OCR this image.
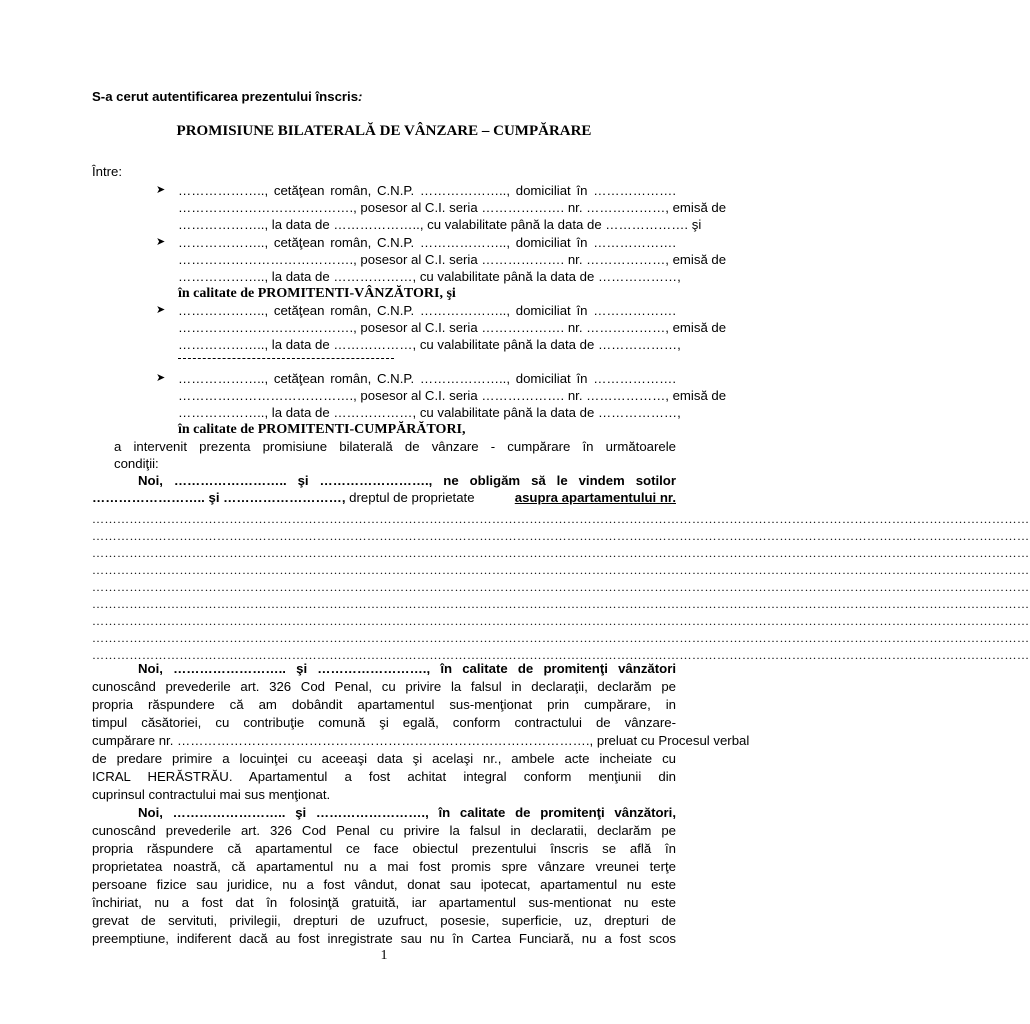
S-a cerut autentificarea prezentului înscris:
PROMISIUNE BILATERALĂ DE VÂNZARE – CUMPĂRARE
Între:
➤ ……………….., cetăţean român, C.N.P. ……………….., domiciliat în ……………….
…………………………………., posesor al C.I. seria ………………. nr. ………………, emisă de
……………….., la data de ……………….., cu valabilitate până la data de ………………. şi
➤ ……………….., cetăţean român, C.N.P. ……………….., domiciliat în ……………….
…………………………………., posesor al C.I. seria ………………. nr. ………………, emisă de
……………….., la data de ………………, cu valabilitate până la data de ………………,
în calitate de PROMITENTI-VÂNZĂTORI, şi
➤ ……………….., cetăţean român, C.N.P. ……………….., domiciliat în ……………….
…………………………………., posesor al C.I. seria ………………. nr. ………………, emisă de
……………….., la data de ………………, cu valabilitate până la data de ………………,
➤ ……………….., cetăţean român, C.N.P. ……………….., domiciliat în ……………….
…………………………………., posesor al C.I. seria ………………. nr. ………………, emisă de
……………….., la data de ………………, cu valabilitate până la data de ………………,
în calitate de PROMITENTI-CUMPĂRĂTORI,
a intervenit prezenta promisiune bilaterală de vânzare - cumpărare în următoarele
condiţii:
Noi, …………………….. şi ……………………., ne obligăm să le vindem sotilor
…………………….. şi ………………………, dreptul de proprietate	asupra apartamentului nr.
………………………………………………………………………………………………………………………………………………………………………………………………………
………………………………………………………………………………………………………………………………………………………………………………………………………
………………………………………………………………………………………………………………………………………………………………………………………………………
………………………………………………………………………………………………………………………………………………………………………………………………………
………………………………………………………………………………………………………………………………………………………………………………………………………
………………………………………………………………………………………………………………………………………………………………………………………………………
………………………………………………………………………………………………………………………………………………………………………………………………………
………………………………………………………………………………………………………………………………………………………………………………………………………
………………………………………………………………………………………………………………………………………………………………………………………………………
Noi, …………………….. şi ……………………., în calitate de promitenţi vânzători
cunoscând prevederile art. 326 Cod Penal, cu privire la falsul in declaraţii, declarăm pe
propria răspundere că am dobândit apartamentul sus-menţionat prin cumpărare, in
timpul căsătoriei, cu contribuţie comună şi egală, conform contractului de vânzare-
cumpărare nr. …………………………………………………………………………………., preluat cu Procesul verbal
de predare primire a locuinţei cu aceeaşi data şi acelaşi nr., ambele acte incheiate cu
ICRAL HERĂSTRĂU. Apartamentul a fost achitat integral conform menţiunii din
cuprinsul contractului mai sus menţionat.
Noi, …………………….. şi ……………………., în calitate de promitenţi vânzători,
cunoscând prevederile art. 326 Cod Penal cu privire la falsul in declaratii, declarăm pe
propria răspundere că apartamentul ce face obiectul prezentului înscris se află în
proprietatea noastră, că apartamentul nu a mai fost promis spre vânzare vreunei terţe
persoane fizice sau juridice, nu a fost vândut, donat sau ipotecat, apartamentul nu este
închiriat, nu a fost dat în folosinţă gratuită, iar apartamentul sus-mentionat nu este
grevat de servituti, privilegii, drepturi de uzufruct, posesie, superficie, uz, drepturi de
preemptiune, indiferent dacă au fost inregistrate sau nu în Cartea Funciară, nu a fost scos
1
